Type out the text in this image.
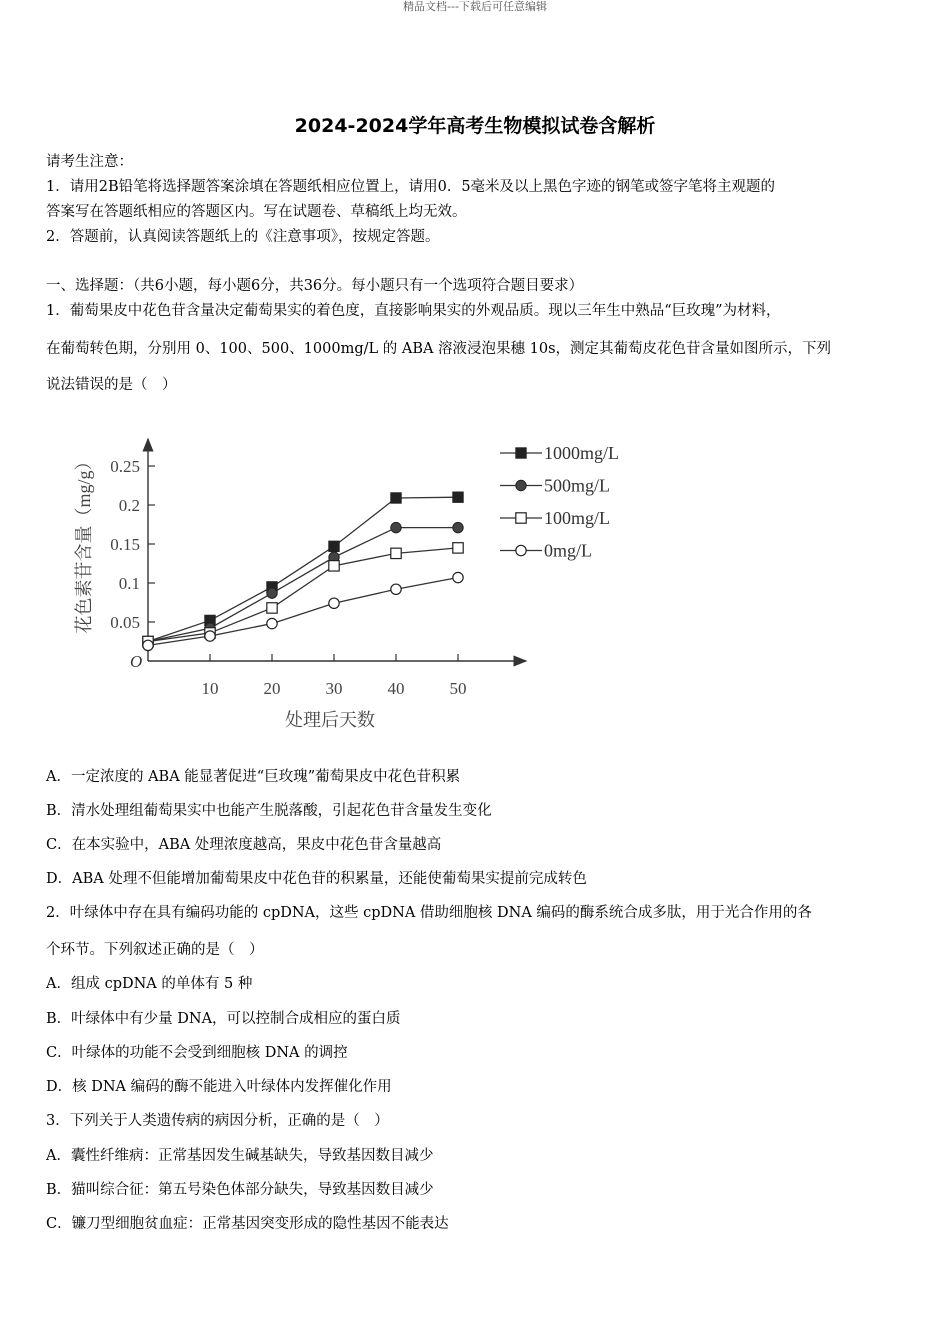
精品文档---下载后可任意编辑
2024-2024学年高考生物模拟试卷含解析
请考生注意：
1．请用2B铅笔将选择题答案涂填在答题纸相应位置上，请用0．5毫米及以上黑色字迹的钢笔或签字笔将主观题的
答案写在答题纸相应的答题区内。写在试题卷、草稿纸上均无效。
2．答题前，认真阅读答题纸上的《注意事项》，按规定答题。
一、选择题：（共6小题，每小题6分，共36分。每小题只有一个选项符合题目要求）
1．葡萄果皮中花色苷含量决定葡萄果实的着色度，直接影响果实的外观品质。现以三年生中熟品“巨玫瑰”为材料，
在葡萄转色期，分别用 0、100、500、1000mg/L 的 ABA 溶液浸泡果穗 10s，测定其葡萄皮花色苷含量如图所示，下列
说法错误的是（　）
0.05
0.1
0.15
0.2
0.25
10	20	30	40	50
1000mg/L
500mg/L
100mg/L
0mg/L
O
处理后天数
花色素苷含量（mg/g）
A．一定浓度的 ABA 能显著促进“巨玫瑰”葡萄果皮中花色苷积累
B．清水处理组葡萄果实中也能产生脱落酸，引起花色苷含量发生变化
C．在本实验中，ABA 处理浓度越高，果皮中花色苷含量越高
D．ABA 处理不但能增加葡萄果皮中花色苷的积累量，还能使葡萄果实提前完成转色
2．叶绿体中存在具有编码功能的 cpDNA，这些 cpDNA 借助细胞核 DNA 编码的酶系统合成多肽，用于光合作用的各
个环节。下列叙述正确的是（　）
A．组成 cpDNA 的单体有 5 种
B．叶绿体中有少量 DNA，可以控制合成相应的蛋白质
C．叶绿体的功能不会受到细胞核 DNA 的调控
D．核 DNA 编码的酶不能进入叶绿体内发挥催化作用
3．下列关于人类遗传病的病因分析，正确的是（　）
A．囊性纤维病：正常基因发生碱基缺失，导致基因数目减少
B．猫叫综合征：第五号染色体部分缺失，导致基因数目减少
C．镰刀型细胞贫血症：正常基因突变形成的隐性基因不能表达
